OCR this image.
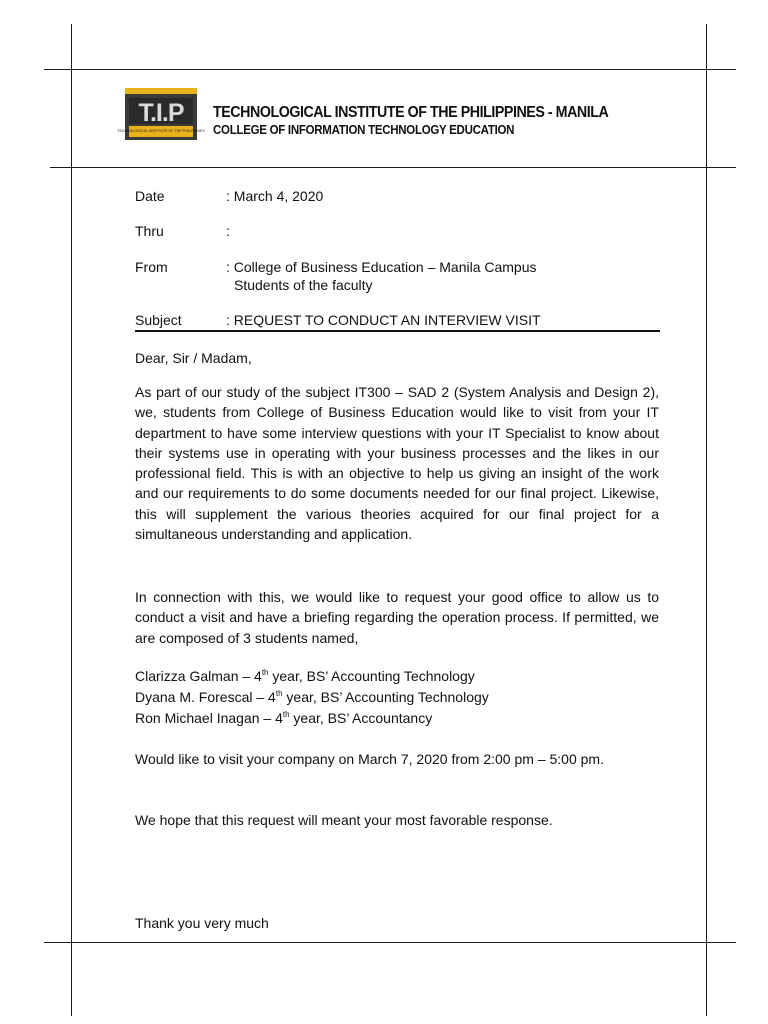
T.I.P
TECHNOLOGICAL INSTITUTE OF THE PHILIPPINES
TECHNOLOGICAL INSTITUTE OF THE PHILIPPINES - MANILA
COLLEGE OF INFORMATION TECHNOLOGY EDUCATION
Date	: March 4, 2020
Thru	:
From	: College of Business Education – Manila Campus
Students of the faculty
Subject	: REQUEST TO CONDUCT AN INTERVIEW VISIT

Dear, Sir / Madam,

As part of our study of the subject IT300 – SAD 2 (System Analysis and Design 2), we, students from College of Business Education would like to visit from your IT department to have some interview questions with your IT Specialist to know about their systems use in operating with your business processes and the likes in our professional field. This is with an objective to help us giving an insight of the work and our requirements to do some documents needed for our final project. Likewise, this will supplement the various theories acquired for our final project for a simultaneous understanding and application.

In connection with this, we would like to request your good office to allow us to conduct a visit and have a briefing regarding the operation process. If permitted, we are composed of 3 students named,

Clarizza Galman – 4th year, BS’ Accounting Technology

Dyana M. Forescal – 4th year, BS’ Accounting Technology

Ron Michael Inagan – 4th year, BS’ Accountancy

Would like to visit your company on March 7, 2020 from 2:00 pm – 5:00 pm.

We hope that this request will meant your most favorable response.

Thank you very much
